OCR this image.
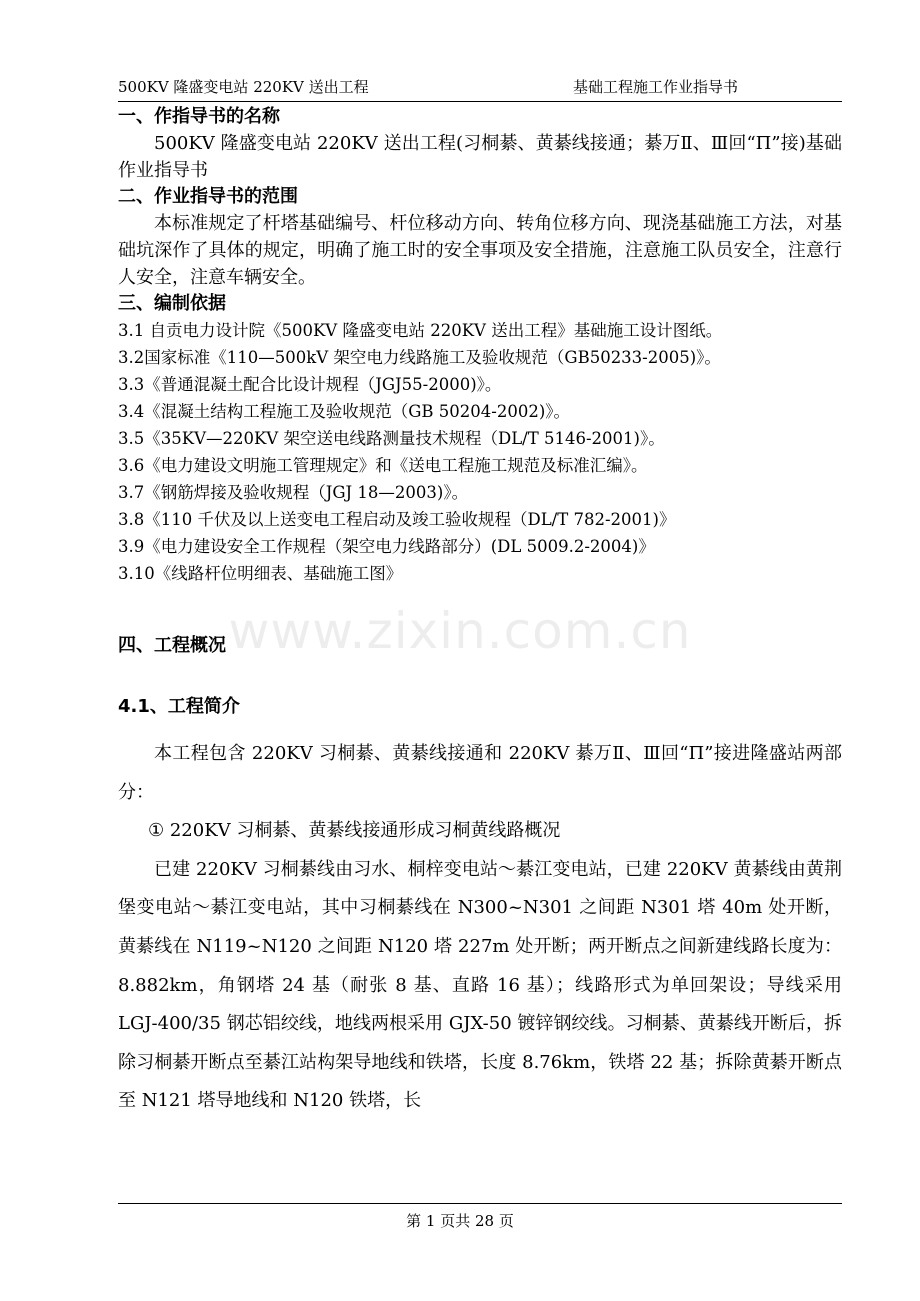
500KV 隆盛变电站 220KV 送出工程	基础工程施工作业指导书
www.zixin.com.cn
一、作指导书的名称
500KV 隆盛变电站 220KV 送出工程(习桐綦、黄綦线接通；綦万Ⅱ、Ⅲ回“Π”接)基础作业指导书
二、作业指导书的范围
本标准规定了杆塔基础编号、杆位移动方向、转角位移方向、现浇基础施工方法，对基础坑深作了具体的规定，明确了施工时的安全事项及安全措施，注意施工队员安全，注意行人安全，注意车辆安全。
三、编制依据
3.1 自贡电力设计院《500KV 隆盛变电站 220KV 送出工程》基础施工设计图纸。
3.2国家标准《110—500kV 架空电力线路施工及验收规范（GB50233-2005)》。
3.3《普通混凝土配合比设计规程（JGJ55-2000)》。
3.4《混凝土结构工程施工及验收规范（GB 50204-2002)》。
3.5《35KV—220KV 架空送电线路测量技术规程（DL/T 5146-2001)》。
3.6《电力建设文明施工管理规定》和《送电工程施工规范及标准汇编》。
3.7《钢筋焊接及验收规程（JGJ 18—2003)》。
3.8《110 千伏及以上送变电工程启动及竣工验收规程（DL/T 782-2001)》
3.9《电力建设安全工作规程（架空电力线路部分）(DL 5009.2-2004)》
3.10《线路杆位明细表、基础施工图》
四、工程概况
4.1、工程简介

本工程包含 220KV 习桐綦、黄綦线接通和 220KV 綦万Ⅱ、Ⅲ回“Π”接进隆盛站两部分：

① 220KV 习桐綦、黄綦线接通形成习桐黄线路概况

已建 220KV 习桐綦线由习水、桐梓变电站～綦江变电站，已建 220KV 黄綦线由黄荆堡变电站～綦江变电站，其中习桐綦线在 N300~N301 之间距 N301 塔 40m 处开断，黄綦线在 N119~N120 之间距 N120 塔 227m 处开断；两开断点之间新建线路长度为：8.882km，角钢塔 24 基（耐张 8 基、直路 16 基）；线路形式为单回架设；导线采用 LGJ-400/35 钢芯铝绞线，地线两根采用 GJX-50 镀锌钢绞线。习桐綦、黄綦线开断后，拆除习桐綦开断点至綦江站构架导地线和铁塔，长度 8.76km，铁塔 22 基；拆除黄綦开断点至 N121 塔导地线和 N120 铁塔，长

第 1 页共 28 页
